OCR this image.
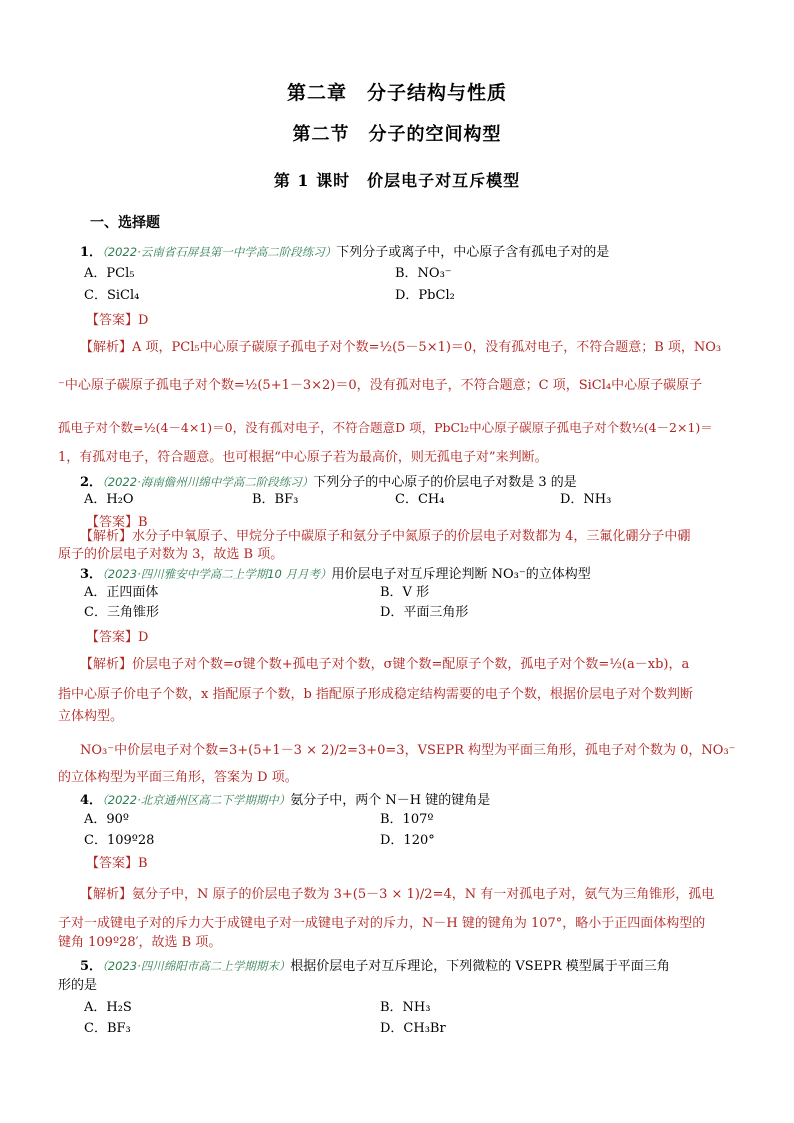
第二章　分子结构与性质
第二节　分子的空间构型
第 1 课时　价层电子对互斥模型
一、选择题
1．（2022·云南省石屏县第一中学高二阶段练习）下列分子或离子中，中心原子含有孤电子对的是
A．PCl₅	B．NO₃⁻
C．SiCl₄	D．PbCl₂
【答案】D
【解析】A 项，PCl₅中心原子碳原子孤电子对个数=½(5－5×1)＝0，没有孤对电子，不符合题意；B 项，NO₃
⁻中心原子碳原子孤电子对个数=½(5+1－3×2)＝0，没有孤对电子，不符合题意；C 项，SiCl₄中心原子碳原子
孤电子对个数=½(4－4×1)＝0，没有孤对电子，不符合题意D 项，PbCl₂中心原子碳原子孤电子对个数½(4－2×1)＝
1，有孤对电子，符合题意。也可根据“中心原子若为最高价，则无孤电子对”来判断。
2．（2022·海南儋州川绵中学高二阶段练习）下列分子的中心原子的价层电子对数是 3 的是
A．H₂O	B．BF₃	C．CH₄	D．NH₃
【答案】B
【解析】水分子中氧原子、甲烷分子中碳原子和氨分子中氮原子的价层电子对数都为 4，三氟化硼分子中硼
原子的价层电子对数为 3，故选 B 项。
3．（2023·四川雅安中学高二上学期10 月月考）用价层电子对互斥理论判断 NO₃⁻的立体构型
A．正四面体	B．V 形
C．三角锥形	D．平面三角形
【答案】D
【解析】价层电子对个数=σ键个数+孤电子对个数，σ键个数=配原子个数，孤电子对个数=½(a－xb)，a
指中心原子价电子个数，x 指配原子个数，b 指配原子形成稳定结构需要的电子个数，根据价层电子对个数判断
立体构型。
NO₃⁻中价层电子对个数=3+(5+1－3 × 2)/2=3+0=3，VSEPR 构型为平面三角形，孤电子对个数为 0，NO₃⁻
的立体构型为平面三角形，答案为 D 项。
4．（2022·北京通州区高二下学期期中）氨分子中，两个 N－H 键的键角是
A．90º	B．107º
C．109º28	D．120°
【答案】B
【解析】氨分子中，N 原子的价层电子数为 3+(5－3 × 1)/2=4，N 有一对孤电子对，氨气为三角锥形，孤电
子对一成键电子对的斥力大于成键电子对一成键电子对的斥力，N－H 键的键角为 107°，略小于正四面体构型的
键角 109º28′，故选 B 项。
5．（2023·四川绵阳市高二上学期期末）根据价层电子对互斥理论，下列微粒的 VSEPR 模型属于平面三角
形的是
A．H₂S	B．NH₃
C．BF₃	D．CH₃Br
